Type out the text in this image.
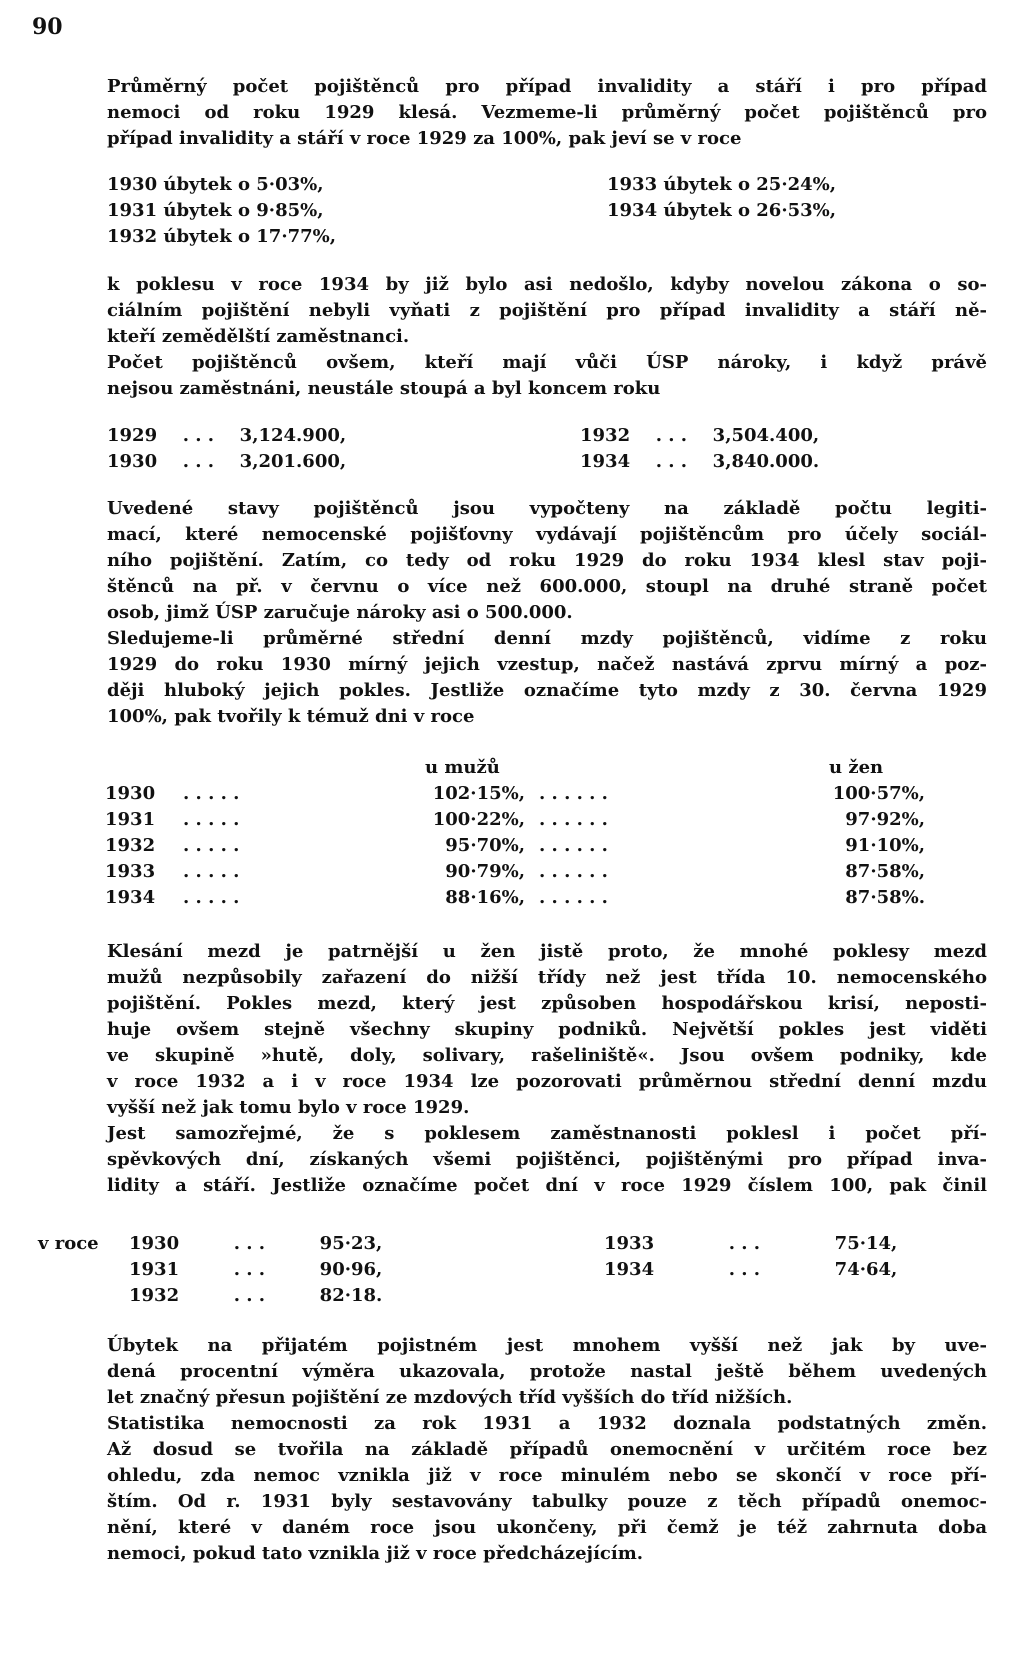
90
Průměrný počet pojištěnců pro případ invalidity a stáří i pro případ
nemoci od roku 1929 klesá. Vezmeme-li průměrný počet pojištěnců pro
případ invalidity a stáří v roce 1929 za 100%, pak jeví se v roce
1930 úbytek o 5·03%,
1931 úbytek o 9·85%,
1932 úbytek o 17·77%,
1933 úbytek o 25·24%,
1934 úbytek o 26·53%,
k poklesu v roce 1934 by již bylo asi nedošlo, kdyby novelou zákona o so-
ciálním pojištění nebyli vyňati z pojištění pro případ invalidity a stáří ně-
kteří zemědělští zaměstnanci.
Počet pojištěnců ovšem, kteří mají vůči ÚSP nároky, i když právě
nejsou zaměstnáni, neustále stoupá a byl koncem roku
1929 . . . 3,124.900,
1930 . . . 3,201.600,
1932 . . . 3,504.400,
1934 . . . 3,840.000.
Uvedené stavy pojištěnců jsou vypočteny na základě počtu legiti-
mací, které nemocenské pojišťovny vydávají pojištěncům pro účely sociál-
ního pojištění. Zatím, co tedy od roku 1929 do roku 1934 klesl stav poji-
štěnců na př. v červnu o více než 600.000, stoupl na druhé straně počet
osob, jimž ÚSP zaručuje nároky asi o 500.000.
Sledujeme-li průměrné střední denní mzdy pojištěnců, vidíme z roku
1929 do roku 1930 mírný jejich vzestup, načež nastává zprvu mírný a poz-
ději hluboký jejich pokles. Jestliže označíme tyto mzdy z 30. června 1929
100%, pak tvořily k témuž dni v roce
u mužů	u žen
1930 . . . . .	102·15%, . . . . . .	100·57%,
1931 . . . . .	100·22%, . . . . . .	97·92%,
1932 . . . . .	95·70%, . . . . . .	91·10%,
1933 . . . . .	90·79%, . . . . . .	87·58%,
1934 . . . . .	88·16%, . . . . . .	87·58%.
Klesání mezd je patrnější u žen jistě proto, že mnohé poklesy mezd
mužů nezpůsobily zařazení do nižší třídy než jest třída 10. nemocenského
pojištění. Pokles mezd, který jest způsoben hospodářskou krisí, neposti-
huje ovšem stejně všechny skupiny podniků. Největší pokles jest viděti
ve skupině »hutě, doly, solivary, rašeliniště«. Jsou ovšem podniky, kde
v roce 1932 a i v roce 1934 lze pozorovati průměrnou střední denní mzdu
vyšší než jak tomu bylo v roce 1929.
Jest samozřejmé, že s poklesem zaměstnanosti poklesl i počet pří-
spěvkových dní, získaných všemi pojištěnci, pojištěnými pro případ inva-
lidity a stáří. Jestliže označíme počet dní v roce 1929 číslem 100, pak činil
v roce 1930	. . .	95·23,
1931	. . .	90·96,
1932	. . .	82·18.
1933	. . .	75·14,
1934	. . .	74·64,
Úbytek na přijatém pojistném jest mnohem vyšší než jak by uve-
dená procentní výměra ukazovala, protože nastal ještě během uvedených
let značný přesun pojištění ze mzdových tříd vyšších do tříd nižších.
Statistika nemocnosti za rok 1931 a 1932 doznala podstatných změn.
Až dosud se tvořila na základě případů onemocnění v určitém roce bez
ohledu, zda nemoc vznikla již v roce minulém nebo se skončí v roce pří-
štím. Od r. 1931 byly sestavovány tabulky pouze z těch případů onemoc-
nění, které v daném roce jsou ukončeny, při čemž je též zahrnuta doba
nemoci, pokud tato vznikla již v roce předcházejícím.
